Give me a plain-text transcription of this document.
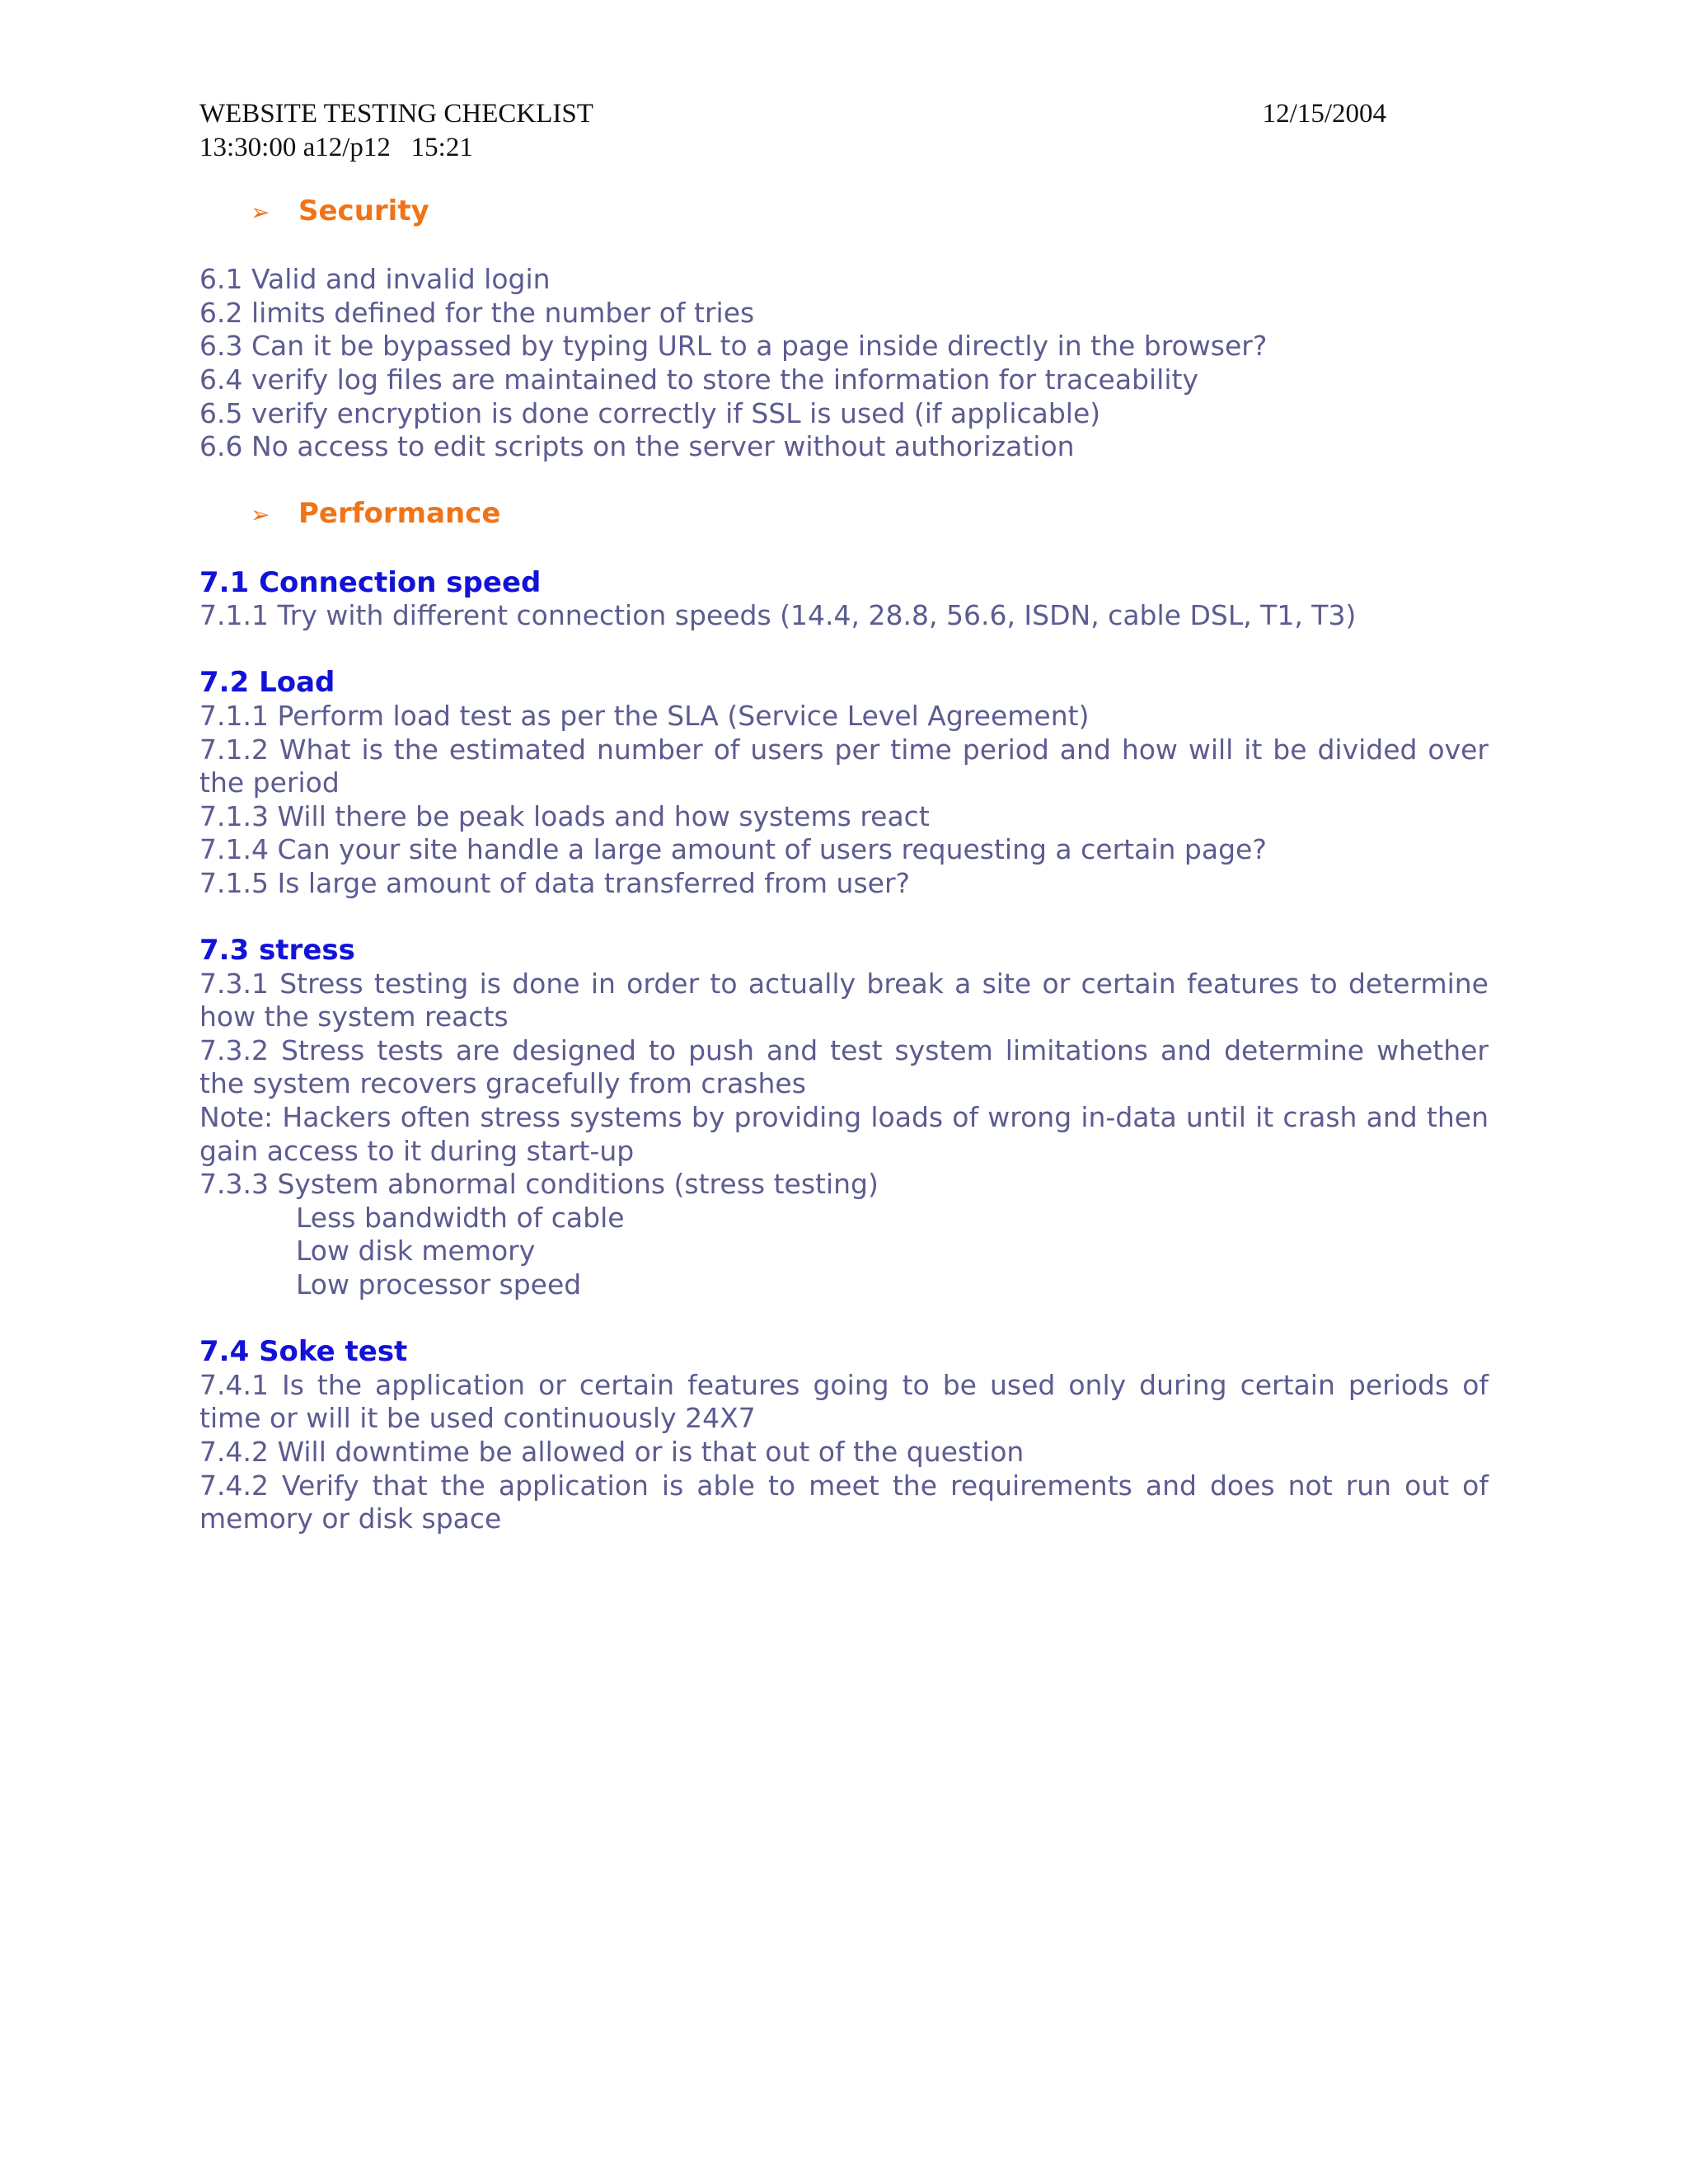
WEBSITE TESTING CHECKLIST	12/15/2004
13:30:00 a12/p12   15:21

➢ Security

6.1 Valid and invalid login

6.2 limits defined for the number of tries

6.3 Can it be bypassed by typing URL to a page inside directly in the browser?

6.4 verify log files are maintained to store the information for traceability

6.5 verify encryption is done correctly if SSL is used (if applicable)

6.6 No access to edit scripts on the server without authorization

➢ Performance

7.1 Connection speed

7.1.1 Try with different connection speeds (14.4, 28.8, 56.6, ISDN, cable DSL, T1, T3)

7.2 Load

7.1.1 Perform load test as per the SLA (Service Level Agreement)

7.1.2 What is the estimated number of users per time period and how will it be divided over the period

7.1.3 Will there be peak loads and how systems react

7.1.4 Can your site handle a large amount of users requesting a certain page?

7.1.5 Is large amount of data transferred from user?

7.3 stress

7.3.1 Stress testing is done in order to actually break a site or certain features to determine how the system reacts

7.3.2 Stress tests are designed to push and test system limitations and determine whether the system recovers gracefully from crashes

Note: Hackers often stress systems by providing loads of wrong in-data until it crash and then gain access to it during start-up

7.3.3 System abnormal conditions (stress testing)

Less bandwidth of cable

Low disk memory

Low processor speed

7.4 Soke test

7.4.1 Is the application or certain features going to be used only during certain periods of time or will it be used continuously 24X7

7.4.2 Will downtime be allowed or is that out of the question

7.4.2 Verify that the application is able to meet the requirements and does not run out of memory or disk space
